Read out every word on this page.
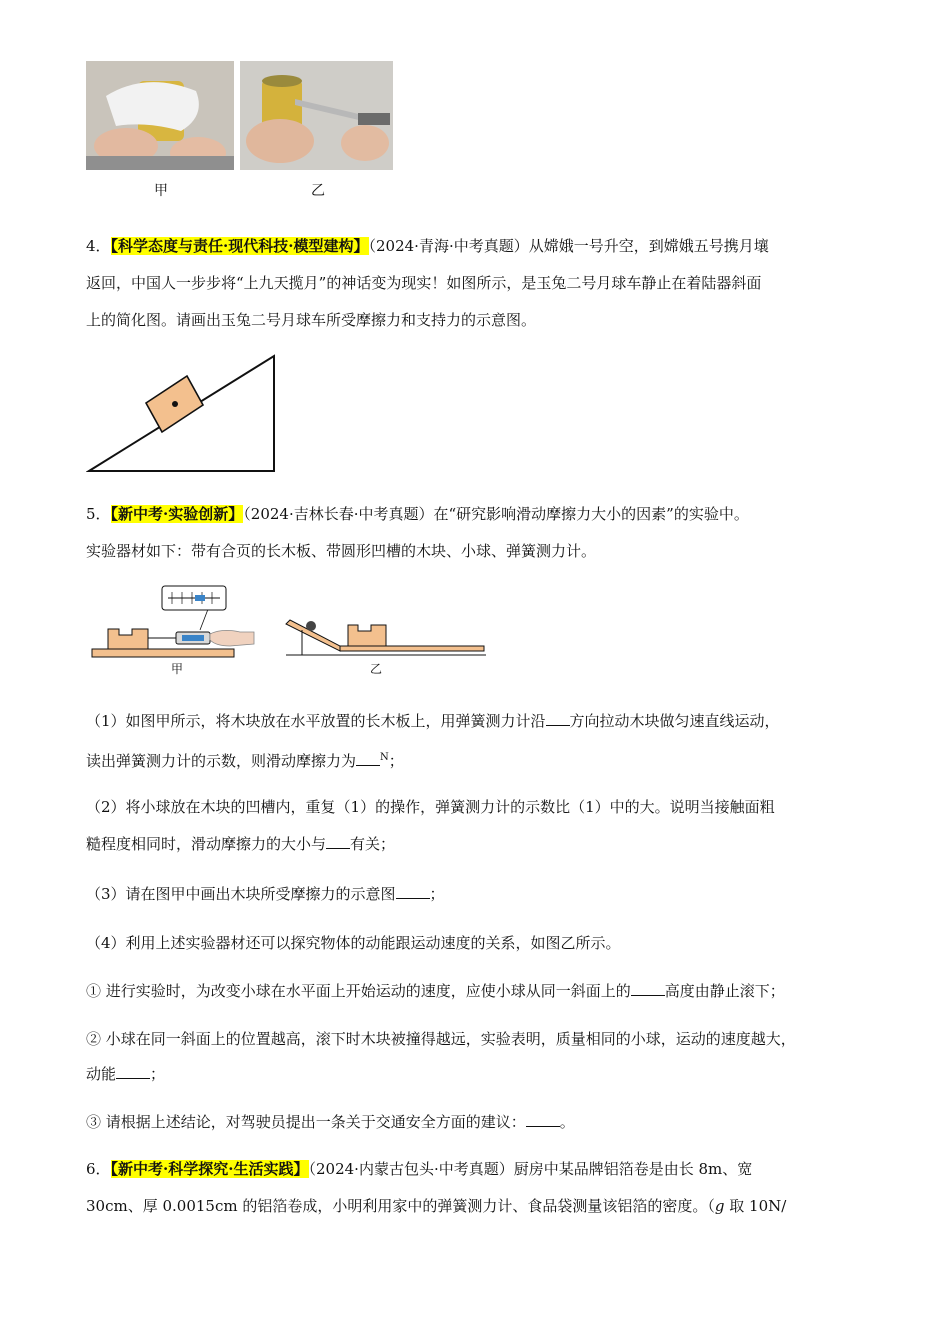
甲	乙
4．【科学态度与责任·现代科技·模型建构】（2024·青海·中考真题）从嫦娥一号升空，到嫦娥五号携月壤
返回，中国人一步步将“上九天揽月”的神话变为现实！如图所示，是玉兔二号月球车静止在着陆器斜面
上的简化图。请画出玉兔二号月球车所受摩擦力和支持力的示意图。
5．【新中考·实验创新】（2024·吉林长春·中考真题）在“研究影响滑动摩擦力大小的因素”的实验中。
实验器材如下：带有合页的长木板、带圆形凹槽的木块、小球、弹簧测力计。
甲	乙
（1）如图甲所示，将木块放在水平放置的长木板上，用弹簧测力计沿 方向拉动木块做匀速直线运动，
读出弹簧测力计的示数，则滑动摩擦力为 $^N$；
（2）将小球放在木块的凹槽内，重复（1）的操作，弹簧测力计的示数比（1）中的大。说明当接触面粗
糙程度相同时，滑动摩擦力的大小与 有关；
（3）请在图甲中画出木块所受摩擦力的示意图 ；
（4）利用上述实验器材还可以探究物体的动能跟运动速度的关系，如图乙所示。
① 进行实验时，为改变小球在水平面上开始运动的速度，应使小球从同一斜面上的 高度由静止滚下；
② 小球在同一斜面上的位置越高，滚下时木块被撞得越远，实验表明，质量相同的小球，运动的速度越大，
动能 ；
③ 请根据上述结论，对驾驶员提出一条关于交通安全方面的建议： 。
6．【新中考·科学探究·生活实践】（2024·内蒙古包头·中考真题）厨房中某品牌铝箔卷是由长 8m、宽
30cm、厚 0.0015cm 的铝箔卷成，小明利用家中的弹簧测力计、食品袋测量该铝箔的密度。（g 取 10N/
